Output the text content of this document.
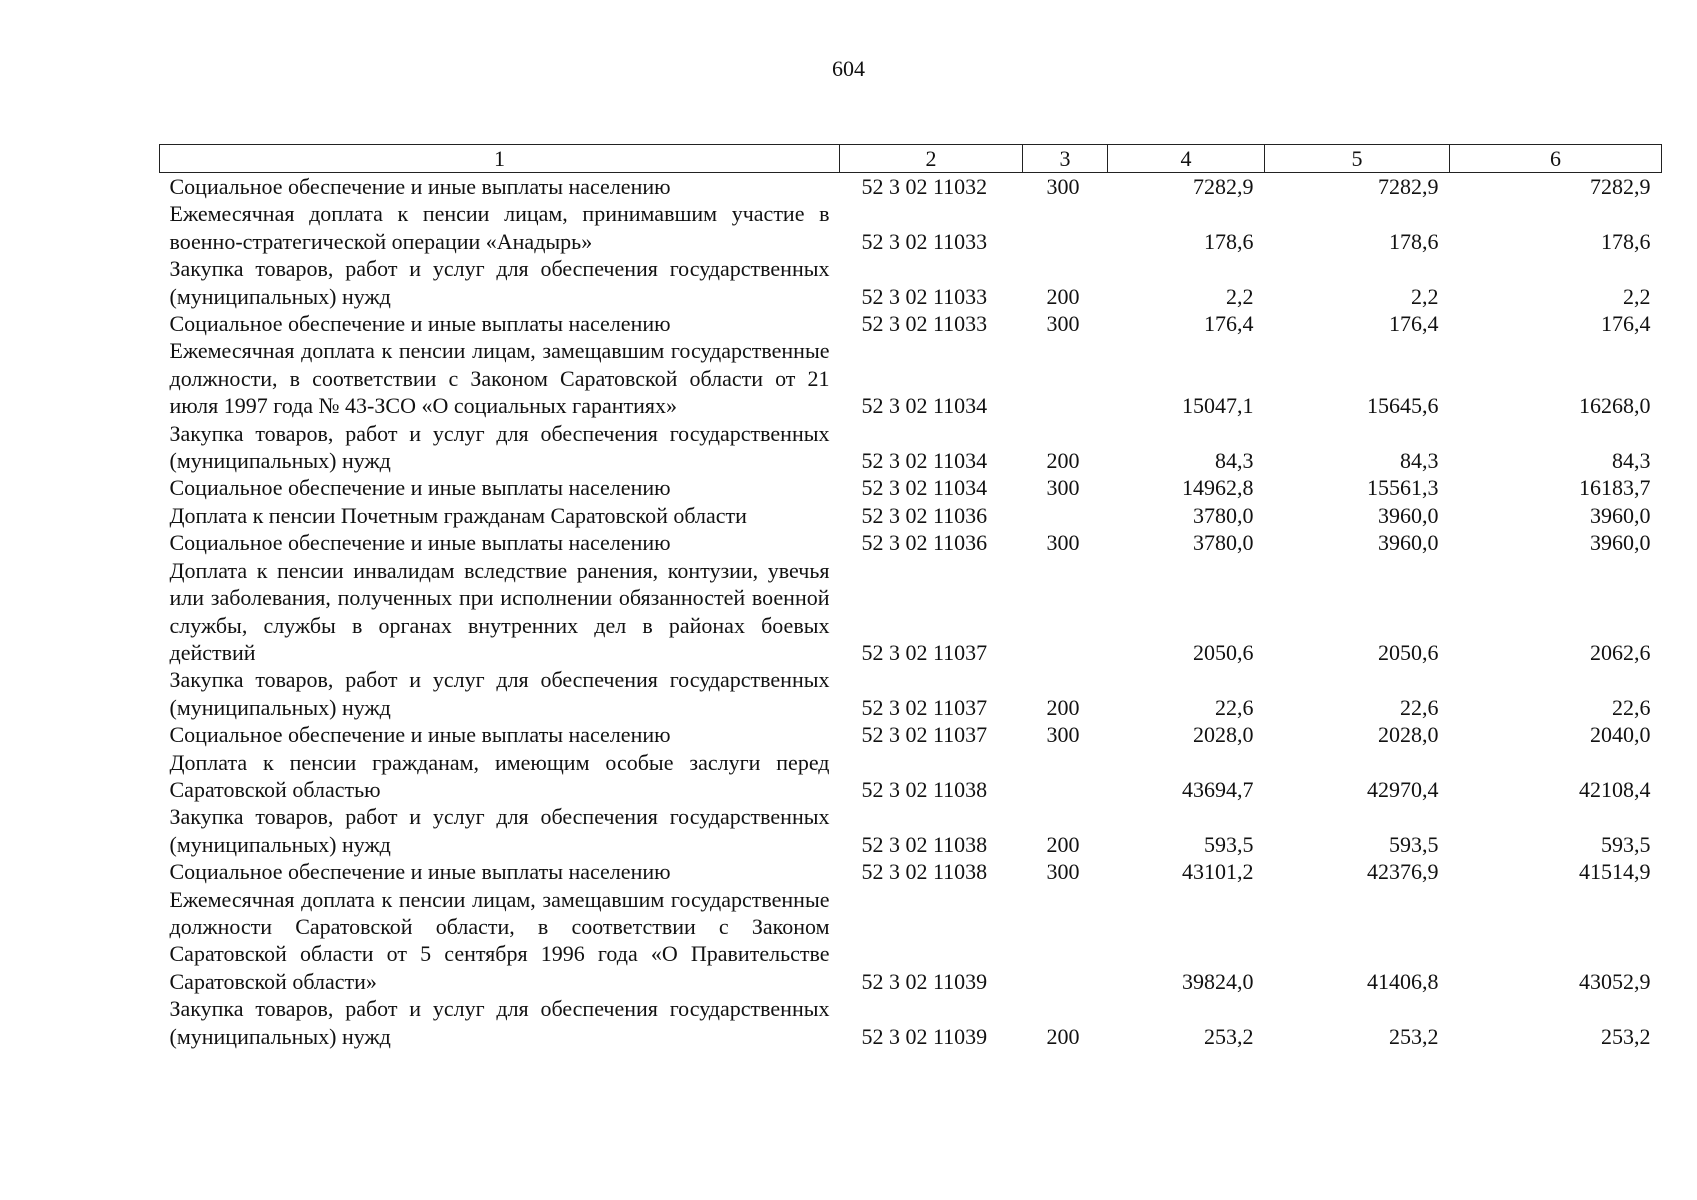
604
1	2	3	4	5	6
Социальное обеспечение и иные выплаты населению	52 3 02 11032	300	7282,9	7282,9	7282,9
Ежемесячная доплата к пенсии лицам, принимавшим участие в военно-стратегической операции «Анадырь»	52 3 02 11033		178,6	178,6	178,6
Закупка товаров, работ и услуг для обеспечения государственных (муниципальных) нужд	52 3 02 11033	200	2,2	2,2	2,2
Социальное обеспечение и иные выплаты населению	52 3 02 11033	300	176,4	176,4	176,4
Ежемесячная доплата к пенсии лицам, замещавшим государственные должности, в соответствии с Законом Саратовской области от 21 июля 1997 года № 43-ЗСО «О социальных гарантиях»	52 3 02 11034		15047,1	15645,6	16268,0
Закупка товаров, работ и услуг для обеспечения государственных (муниципальных) нужд	52 3 02 11034	200	84,3	84,3	84,3
Социальное обеспечение и иные выплаты населению	52 3 02 11034	300	14962,8	15561,3	16183,7
Доплата к пенсии Почетным гражданам Саратовской области	52 3 02 11036		3780,0	3960,0	3960,0
Социальное обеспечение и иные выплаты населению	52 3 02 11036	300	3780,0	3960,0	3960,0
Доплата к пенсии инвалидам вследствие ранения, контузии, увечья или заболевания, полученных при исполнении обязанностей военной службы, службы в органах внутренних дел в районах боевых действий	52 3 02 11037		2050,6	2050,6	2062,6
Закупка товаров, работ и услуг для обеспечения государственных (муниципальных) нужд	52 3 02 11037	200	22,6	22,6	22,6
Социальное обеспечение и иные выплаты населению	52 3 02 11037	300	2028,0	2028,0	2040,0
Доплата к пенсии гражданам, имеющим особые заслуги перед Саратовской областью	52 3 02 11038		43694,7	42970,4	42108,4
Закупка товаров, работ и услуг для обеспечения государственных (муниципальных) нужд	52 3 02 11038	200	593,5	593,5	593,5
Социальное обеспечение и иные выплаты населению	52 3 02 11038	300	43101,2	42376,9	41514,9
Ежемесячная доплата к пенсии лицам, замещавшим государственные должности Саратовской области, в соответствии с Законом Саратовской области от 5 сентября 1996 года «О Правительстве Саратовской области»	52 3 02 11039		39824,0	41406,8	43052,9
Закупка товаров, работ и услуг для обеспечения государственных (муниципальных) нужд	52 3 02 11039	200	253,2	253,2	253,2
